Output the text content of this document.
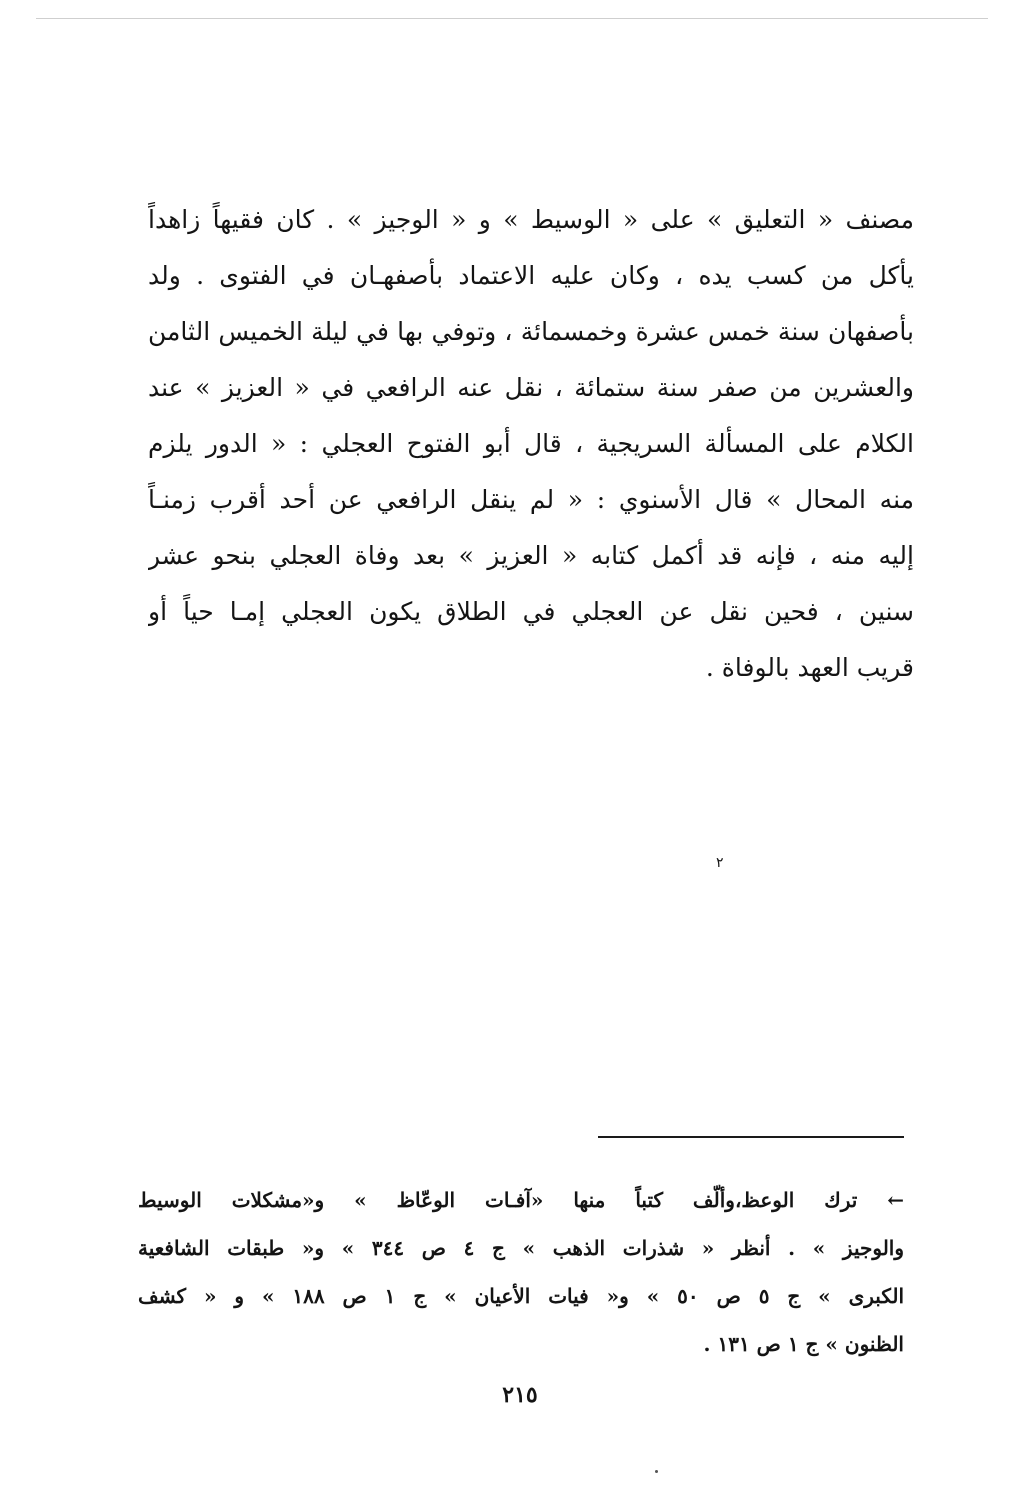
مصنف « التعليق » على « الوسيط » و « الوجيز » . كان فقيهاً زاهداً
يأكل من كسب يده ، وكان عليه الاعتماد بأصفهـان في الفتوى . ولد
بأصفهان سنة خمس عشرة وخمسمائة ، وتوفي بها في ليلة الخميس الثامن
والعشرين من صفر سنة ستمائة ، نقل عنه الرافعي في « العزيز » عند
الكلام على المسألة السريجية ، قال أبو الفتوح العجلي : « الدور يلزم
منه المحال » قال الأسنوي : « لم ينقل الرافعي عن أحد أقرب زمنـاً
إليه منه ، فإنه قد أكمل كتابه « العزيز » بعد وفاة العجلي بنحو عشر
سنين ، فحين نقل عن العجلي في الطلاق يكون العجلي إمـا حياً أو
قريب العهد بالوفاة .
٢
← ترك الوعظ،وألّف كتباً منها «آفـات الوعّاظ » و«مشكلات الوسيط
والوجيز » . أنظر « شذرات الذهب » ج ٤ ص ٣٤٤ » و« طبقات الشافعية
الكبرى » ج ٥ ص ٥٠ » و« فيات الأعيان » ج ١ ص ١٨٨ » و « كشف
الظنون » ج ١ ص ١٣١ .
٢١٥
